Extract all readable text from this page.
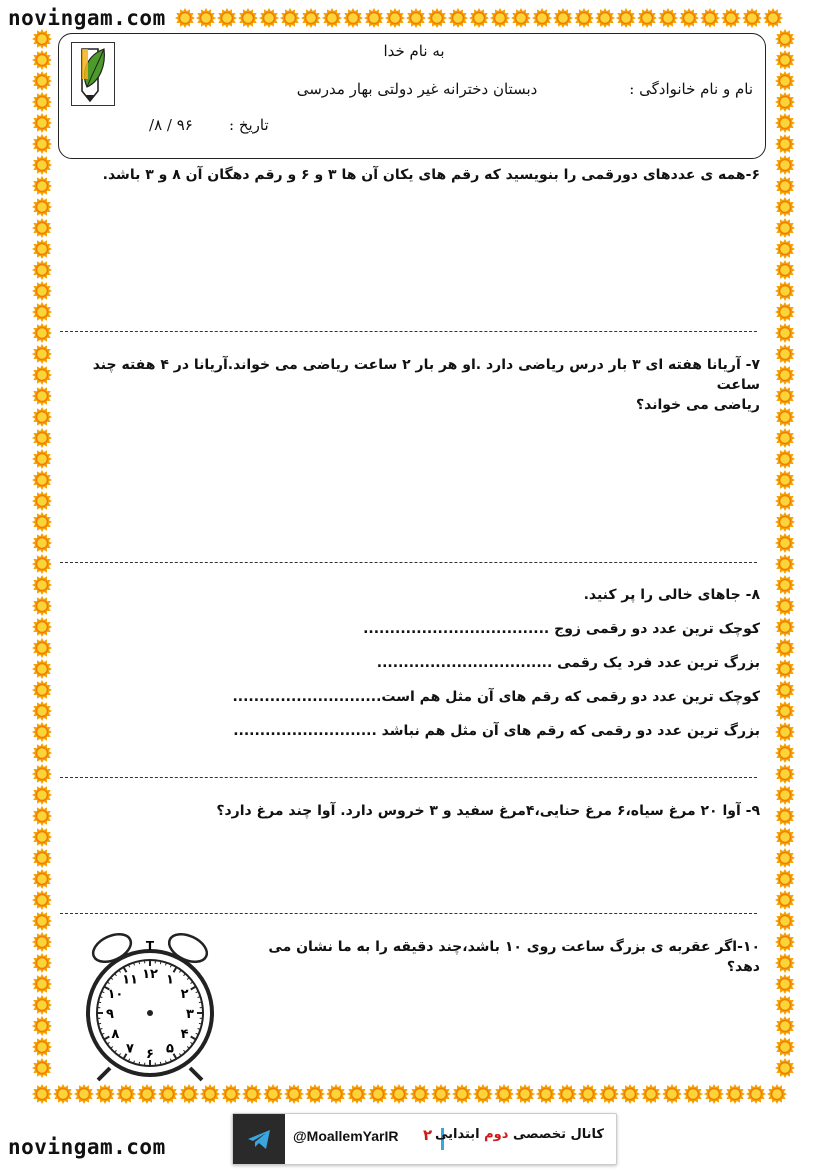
novingam.com
به نام خدا
نام و نام خانوادگی :
دبستان دخترانه غیر دولتی بهار مدرسی
تاریخ :
۹۶ / ۸/
۶-همه ی عددهای دورقمی را بنویسید که رقم های یکان آن ها ۳ و ۶ و رقم دهگان آن ۸ و ۳ باشد.
۷- آریانا هفته ای ۳ بار درس ریاضی دارد .او هر بار ۲ ساعت ریاضی می خواند.آریانا در ۴ هفته چند ساعت
ریاضی می خواند؟
۸- جاهای خالی را پر کنید.
کوچک ترین عدد دو رقمی زوج ...................................
بزرگ ترین عدد فرد یک رقمی .................................
کوچک ترین عدد دو رقمی که رقم های آن مثل هم است............................
بزرگ ترین عدد دو رقمی که رقم های آن مثل هم نباشد ...........................
۹- آوا ۲۰ مرغ سیاه،۶ مرغ حنایی،۴مرغ سفید و ۳ خروس دارد. آوا چند مرغ دارد؟
۱۰-اگر عقربه ی بزرگ ساعت روی ۱۰ باشد،چند دقیقه را به ما نشان می دهد؟
T
۱۲ ۱
۲
۳
۴
۵
۶
۷
۸
۹
۱۰
۱۱
novingam.com	@MoallemYarIR ۲	کانال تخصصی دوم ابتدایی
